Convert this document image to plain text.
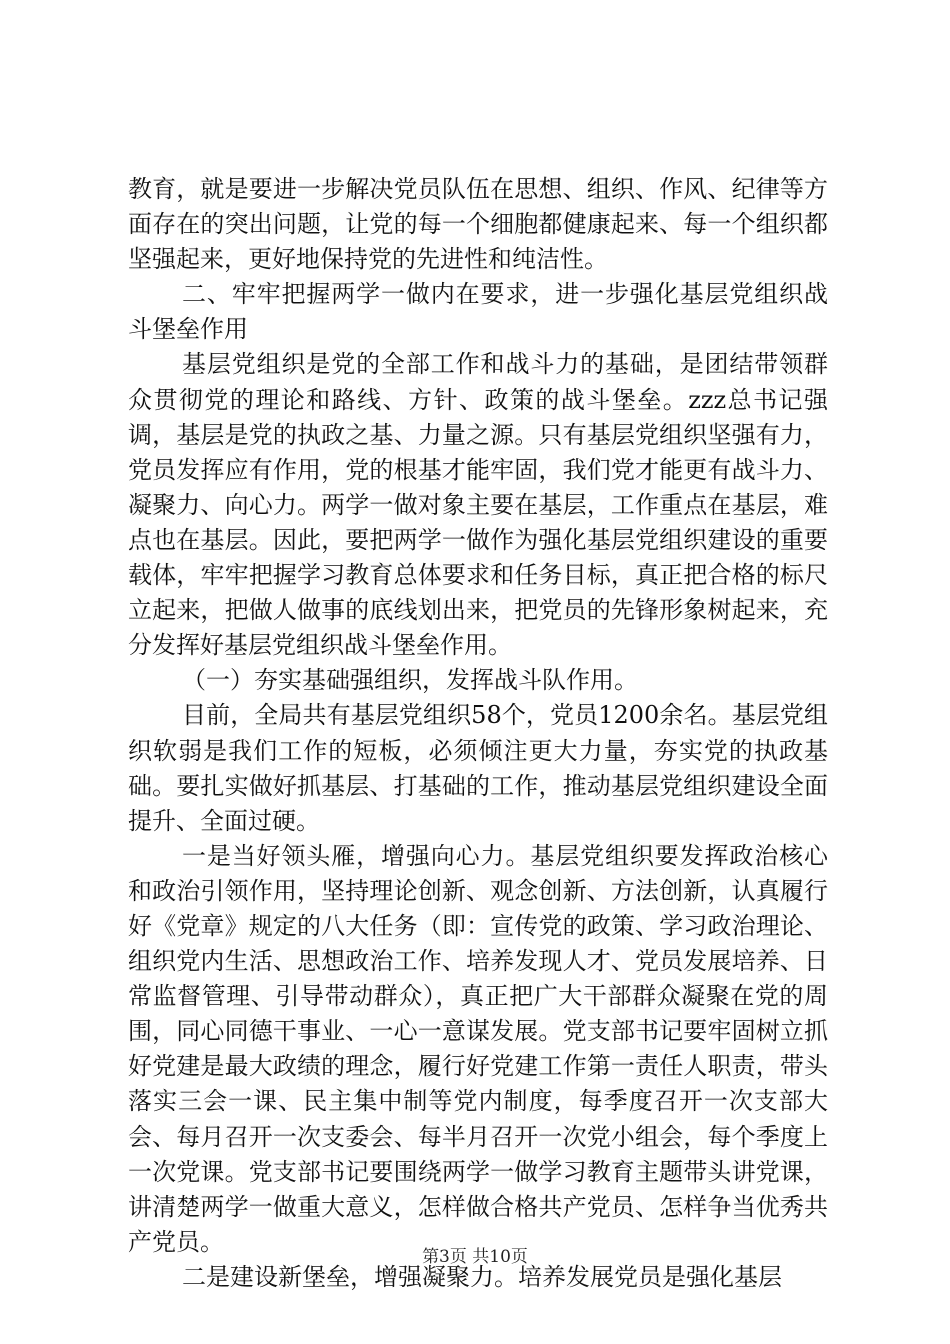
教育，就是要进一步解决党员队伍在思想、组织、作风、纪律等方面存在的突出问题，让党的每一个细胞都健康起来、每一个组织都坚强起来，更好地保持党的先进性和纯洁性。

二、牢牢把握两学一做内在要求，进一步强化基层党组织战斗堡垒作用

基层党组织是党的全部工作和战斗力的基础，是团结带领群众贯彻党的理论和路线、方针、政策的战斗堡垒。zzz总书记强调，基层是党的执政之基、力量之源。只有基层党组织坚强有力，党员发挥应有作用，党的根基才能牢固，我们党才能更有战斗力、凝聚力、向心力。两学一做对象主要在基层，工作重点在基层，难点也在基层。因此，要把两学一做作为强化基层党组织建设的重要载体，牢牢把握学习教育总体要求和任务目标，真正把合格的标尺立起来，把做人做事的底线划出来，把党员的先锋形象树起来，充分发挥好基层党组织战斗堡垒作用。

（一）夯实基础强组织，发挥战斗队作用。

目前，全局共有基层党组织58个，党员1200余名。基层党组织软弱是我们工作的短板，必须倾注更大力量，夯实党的执政基础。要扎实做好抓基层、打基础的工作，推动基层党组织建设全面提升、全面过硬。

一是当好领头雁，增强向心力。基层党组织要发挥政治核心和政治引领作用，坚持理论创新、观念创新、方法创新，认真履行好《党章》规定的八大任务（即：宣传党的政策、学习政治理论、组织党内生活、思想政治工作、培养发现人才、党员发展培养、日常监督管理、引导带动群众），真正把广大干部群众凝聚在党的周围，同心同德干事业、一心一意谋发展。党支部书记要牢固树立抓好党建是最大政绩的理念，履行好党建工作第一责任人职责，带头落实三会一课、民主集中制等党内制度，每季度召开一次支部大会、每月召开一次支委会、每半月召开一次党小组会，每个季度上一次党课。党支部书记要围绕两学一做学习教育主题带头讲党课，讲清楚两学一做重大意义，怎样做合格共产党员、怎样争当优秀共产党员。

二是建设新堡垒，增强凝聚力。培养发展党员是强化基层

第3页 共10页
